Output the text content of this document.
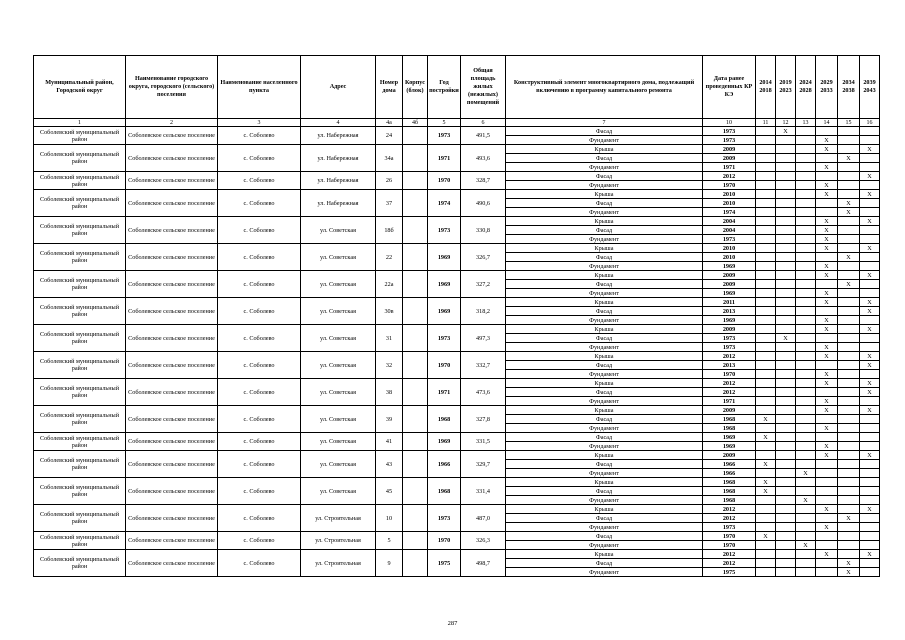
Муниципальный район, Городской округ	Наименование городского округа, городского (сельского) поселения	Наименование населенного пункта	Адрес	Номер дома	Корпус (блок)	Год постройки	Общая площадь жилых (нежилых) помещений	Конструктивный элемент многоквартирного дома, подлежащий включению в программу капитального ремонта	Дата ранее проведенных КР КЭ	2014 2018	2019 2023	2024 2028	2029 2033	2034 2038	2039 2043
1	2	3	4	4а	4б	5	6	7	10	11	12	13	14	15	16
Соболевский муниципальный район	Соболевское сельское поселение	с. Соболево	ул. Набережная	24		1973	491,5	Фасад	1973		X				
								Фундамент	1973				X		
Соболевский муниципальный район	Соболевское сельское поселение	с. Соболево	ул. Набережная	34а		1971	493,6	Крыша	2009				X		X
								Фасад	2009					X	
								Фундамент	1971				X		
Соболевский муниципальный район	Соболевское сельское поселение	с. Соболево	ул. Набережная	26		1970	328,7	Фасад	2012						X
								Фундамент	1970				X		
Соболевский муниципальный район	Соболевское сельское поселение	с. Соболево	ул. Набережная	37		1974	490,6	Крыша	2010				X		X
								Фасад	2010					X	
								Фундамент	1974					X	
Соболевский муниципальный район	Соболевское сельское поселение	с. Соболево	ул. Советская	18б		1973	330,8	Крыша	2004				X		X
								Фасад	2004				X		
								Фундамент	1973				X		
Соболевский муниципальный район	Соболевское сельское поселение	с. Соболево	ул. Советская	22		1969	326,7	Крыша	2010				X		X
								Фасад	2010					X	
								Фундамент	1969				X		
Соболевский муниципальный район	Соболевское сельское поселение	с. Соболево	ул. Советская	22а		1969	327,2	Крыша	2009				X		X
								Фасад	2009					X	
								Фундамент	1969				X		
Соболевский муниципальный район	Соболевское сельское поселение	с. Соболево	ул. Советская	30в		1969	318,2	Крыша	2011				X		X
								Фасад	2013						X
								Фундамент	1969				X		
Соболевский муниципальный район	Соболевское сельское поселение	с. Соболево	ул. Советская	31		1973	497,3	Крыша	2009				X		X
								Фасад	1973		X				
								Фундамент	1973				X		
Соболевский муниципальный район	Соболевское сельское поселение	с. Соболево	ул. Советская	32		1970	332,7	Крыша	2012				X		X
								Фасад	2013						X
								Фундамент	1970				X		
Соболевский муниципальный район	Соболевское сельское поселение	с. Соболево	ул. Советская	38		1971	473,6	Крыша	2012				X		X
								Фасад	2012						X
								Фундамент	1971				X		
Соболевский муниципальный район	Соболевское сельское поселение	с. Соболево	ул. Советская	39		1968	327,8	Крыша	2009				X		X
								Фасад	1968	X					
								Фундамент	1968				X		
Соболевский муниципальный район	Соболевское сельское поселение	с. Соболево	ул. Советская	41		1969	331,5	Фасад	1969	X					
								Фундамент	1969				X		
Соболевский муниципальный район	Соболевское сельское поселение	с. Соболево	ул. Советская	43		1966	329,7	Крыша	2009				X		X
								Фасад	1966	X					
								Фундамент	1966			X			
Соболевский муниципальный район	Соболевское сельское поселение	с. Соболево	ул. Советская	45		1968	331,4	Крыша	1968	X					
								Фасад	1968	X					
								Фундамент	1968			X			
Соболевский муниципальный район	Соболевское сельское поселение	с. Соболево	ул. Строительная	10		1973	487,0	Крыша	2012				X		X
								Фасад	2012					X	
								Фундамент	1973				X		
Соболевский муниципальный район	Соболевское сельское поселение	с. Соболево	ул. Строительная	5		1970	326,3	Фасад	1970	X					
								Фундамент	1970			X			
Соболевский муниципальный район	Соболевское сельское поселение	с. Соболево	ул. Строительная	9		1975	498,7	Крыша	2012				X		X
								Фасад	2012					X	
								Фундамент	1975					X	
287
